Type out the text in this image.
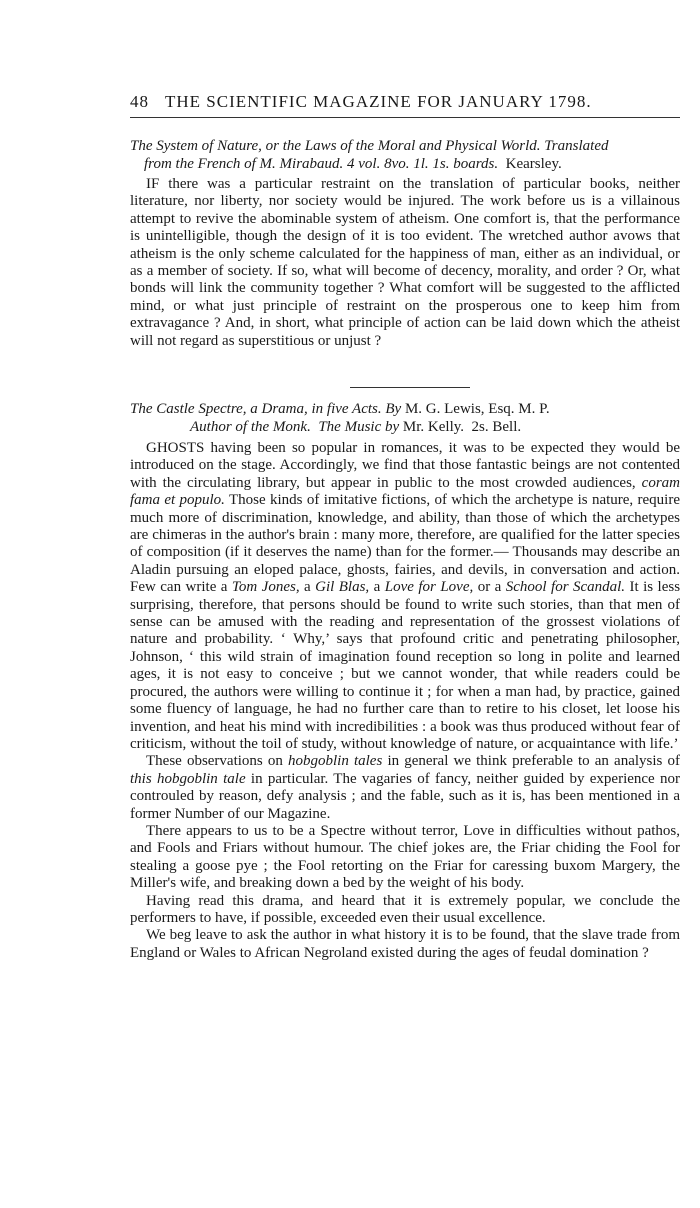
48 THE SCIENTIFIC MAGAZINE FOR JANUARY 1798.
The System of Nature, or the Laws of the Moral and Physical World. Translated
from the French of M. Mirabaud. 4 vol. 8vo. 1l. 1s. boards. Kearsley.

IF there was a particular restraint on the translation of particular books, neither literature, nor liberty, nor society would be injured. The work before us is a villainous attempt to revive the abominable system of atheism. One comfort is, that the performance is unintelligible, though the design of it is too evident. The wretched author avows that atheism is the only scheme calculated for the happiness of man, either as an individual, or as a member of society. If so, what will become of decency, morality, and order ? Or, what bonds will link the community together ? What comfort will be suggested to the afflicted mind, or what just principle of restraint on the prosperous one to keep him from extravagance ? And, in short, what principle of action can be laid down which the atheist will not regard as superstitious or unjust ?

The Castle Spectre, a Drama, in five Acts. By M. G. Lewis, Esq. M. P.
Author of the Monk. The Music by Mr. Kelly. 2s. Bell.

GHOSTS having been so popular in romances, it was to be expected they would be introduced on the stage. Accordingly, we find that those fantastic beings are not contented with the circulating library, but appear in public to the most crowded audiences, coram fama et populo. Those kinds of imitative fictions, of which the archetype is nature, require much more of discrimination, knowledge, and ability, than those of which the archetypes are chimeras in the author's brain : many more, therefore, are qualified for the latter species of composition (if it deserves the name) than for the former.— Thousands may describe an Aladin pursuing an eloped palace, ghosts, fairies, and devils, in conversation and action. Few can write a Tom Jones, a Gil Blas, a Love for Love, or a School for Scandal. It is less surprising, therefore, that persons should be found to write such stories, than that men of sense can be amused with the reading and representation of the grossest violations of nature and probability. ‘ Why,’ says that profound critic and penetrating philosopher, Johnson, ‘ this wild strain of imagination found reception so long in polite and learned ages, it is not easy to conceive ; but we cannot wonder, that while readers could be procured, the authors were willing to continue it ; for when a man had, by practice, gained some fluency of language, he had no further care than to retire to his closet, let loose his invention, and heat his mind with incredibilities : a book was thus produced without fear of criticism, without the toil of study, without knowledge of nature, or acquaintance with life.’

These observations on hobgoblin tales in general we think preferable to an analysis of this hobgoblin tale in particular. The vagaries of fancy, neither guided by experience nor controuled by reason, defy analysis ; and the fable, such as it is, has been mentioned in a former Number of our Magazine.

There appears to us to be a Spectre without terror, Love in difficulties without pathos, and Fools and Friars without humour. The chief jokes are, the Friar chiding the Fool for stealing a goose pye ; the Fool retorting on the Friar for caressing buxom Margery, the Miller's wife, and breaking down a bed by the weight of his body.

Having read this drama, and heard that it is extremely popular, we conclude the performers to have, if possible, exceeded even their usual excellence.

We beg leave to ask the author in what history it is to be found, that the slave trade from England or Wales to African Negroland existed during the ages of feudal domination ?
